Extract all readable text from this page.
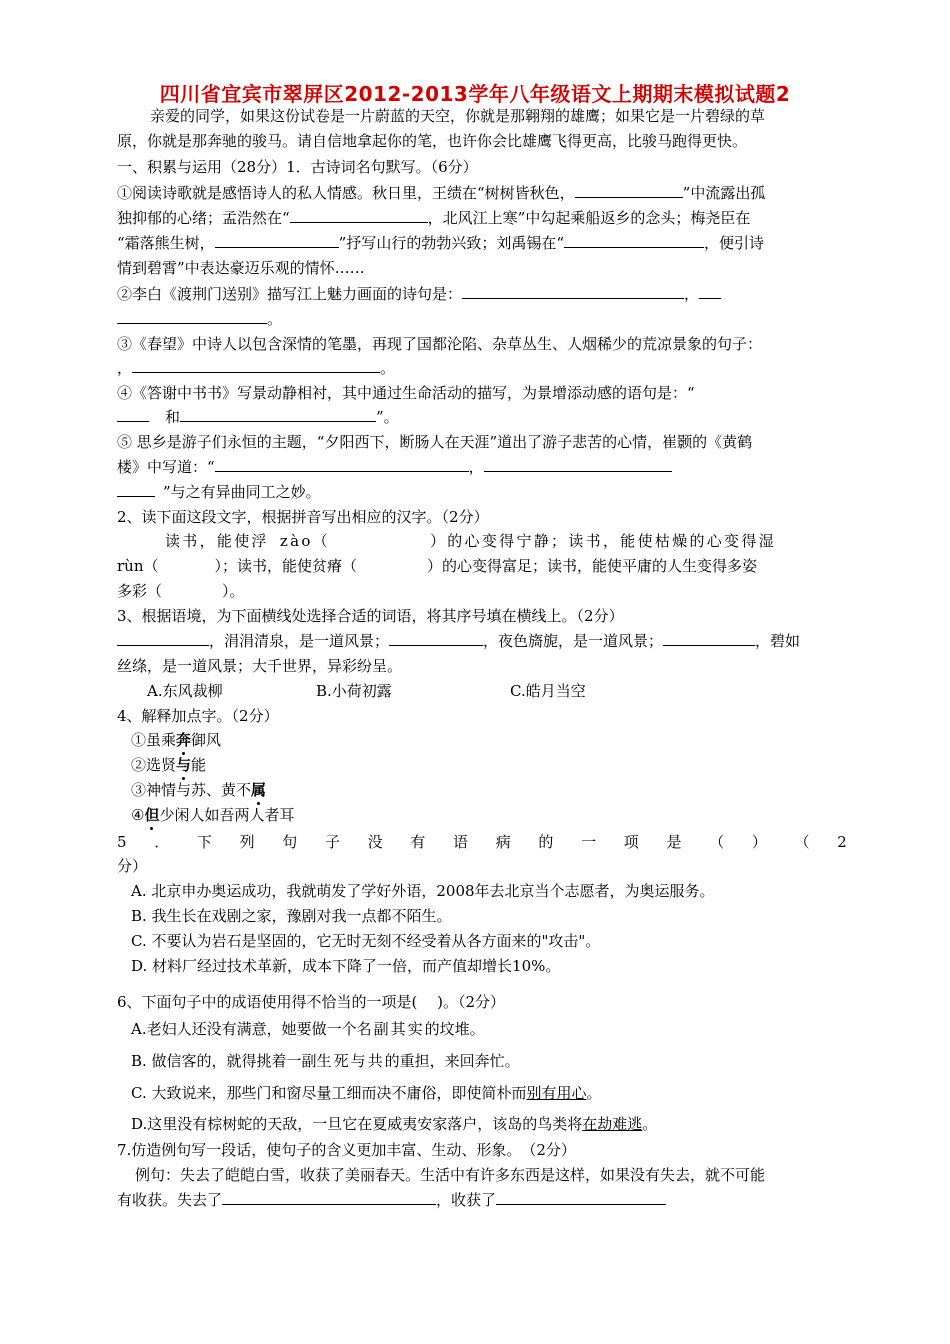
四川省宜宾市翠屏区2012-2013学年八年级语文上期期末模拟试题2
亲爱的同学，如果这份试卷是一片蔚蓝的天空，你就是那翱翔的雄鹰；如果它是一片碧绿的草
原，你就是那奔驰的骏马。请自信地拿起你的笔，也许你会比雄鹰飞得更高，比骏马跑得更快。
一、积累与运用（28分）1．古诗词名句默写。（6分）
①阅读诗歌就是感悟诗人的私人情感。秋日里，王绩在“树树皆秋色，	”中流露出孤
独抑郁的心绪；孟浩然在“	，北风江上寒”中勾起乘船返乡的念头；梅尧臣在
“霜落熊生树，	”抒写山行的勃勃兴致；刘禹锡在“	，便引诗
情到碧霄”中表达豪迈乐观的情怀……
②李白《渡荆门送别》描写江上魅力画面的诗句是：	，
。
③《春望》中诗人以包含深情的笔墨，再现了国都沦陷、杂草丛生、人烟稀少的荒凉景象的句子：
，	。
④《答谢中书书》写景动静相衬，其中通过生命活动的描写，为景增添动感的语句是：“
和	”。
⑤ 思乡是游子们永恒的主题，“夕阳西下，断肠人在天涯”道出了游子悲苦的心情，崔颢的《黄鹤
楼》中写道：“	，
”与之有异曲同工之妙。
2、读下面这段文字，根据拼音写出相应的汉字。（2分）
读书，能使浮 zào（	）的心变得宁静；读书，能使枯燥的心变得湿
rùn（	）；读书，能使贫瘠（	）的心变得富足；读书，能使平庸的人生变得多姿
多彩（	）。
3、根据语境，为下面横线处选择合适的词语，将其序号填在横线上。（2分）
，涓涓清泉，是一道风景；	，夜色旖旎，是一道风景；	，碧如
丝绦，是一道风景；大千世界，异彩纷呈。
A.东风裁柳	B.小荷初露	C.皓月当空
4、解释加点字。（2分）
①虽乘奔御风
②选贤与能
③神情与苏、黄不属
④但少闲人如吾两人者耳
5 ． 下 列 句 子 没 有 语 病 的 一 项 是 （ ） （ 2
分）
A. 北京申办奥运成功，我就萌发了学好外语，2008年去北京当个志愿者，为奥运服务。
B. 我生长在戏剧之家，豫剧对我一点都不陌生。
C. 不要认为岩石是坚固的，它无时无刻不经受着从各方面来的"攻击"。
D. 材料厂经过技术革新，成本下降了一倍，而产值却增长10%。
6、下面句子中的成语使用得不恰当的一项是(　 )。（2分）
A.老妇人还没有满意，她要做一个名副其实的坟堆。
B. 做信客的，就得挑着一副生死与共的重担，来回奔忙。
C. 大致说来，那些门和窗尽量工细而决不庸俗，即使简朴而别有用心。
D.这里没有棕树蛇的天敌，一旦它在夏威夷安家落户，该岛的鸟类将在劫难逃。
7.仿造例句写一段话，使句子的含义更加丰富、生动、形象。　（2分）
例句：失去了皑皑白雪，收获了美丽春天。生活中有许多东西是这样，如果没有失去，就不可能
有收获。失去了	，收获了
